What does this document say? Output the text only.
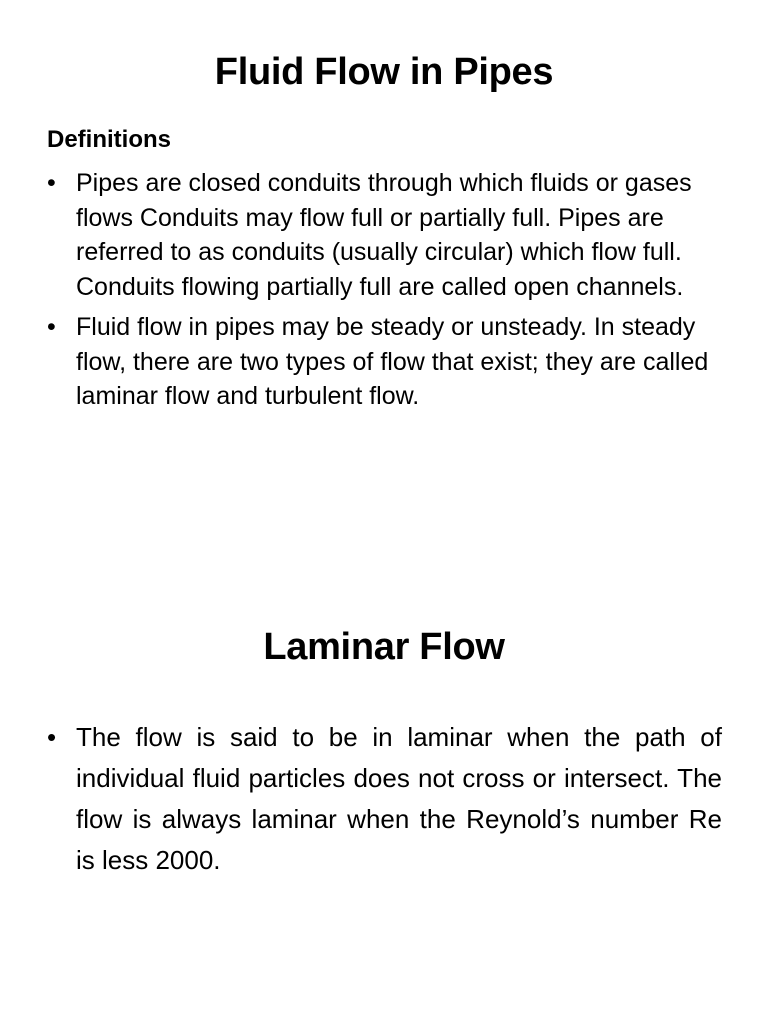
Fluid Flow in Pipes
Definitions
• Pipes are closed conduits through which fluids or gases flows Conduits may flow full or partially full. Pipes are referred to as conduits (usually circular) which flow full. Conduits flowing partially full are called open channels.
• Fluid flow in pipes may be steady or unsteady. In steady flow, there are two types of flow that exist; they are called laminar flow and turbulent flow.
Laminar Flow
• The flow is said to be in laminar when the path of individual fluid particles does not cross or intersect. The flow is always laminar when the Reynold’s number Re is less 2000.
